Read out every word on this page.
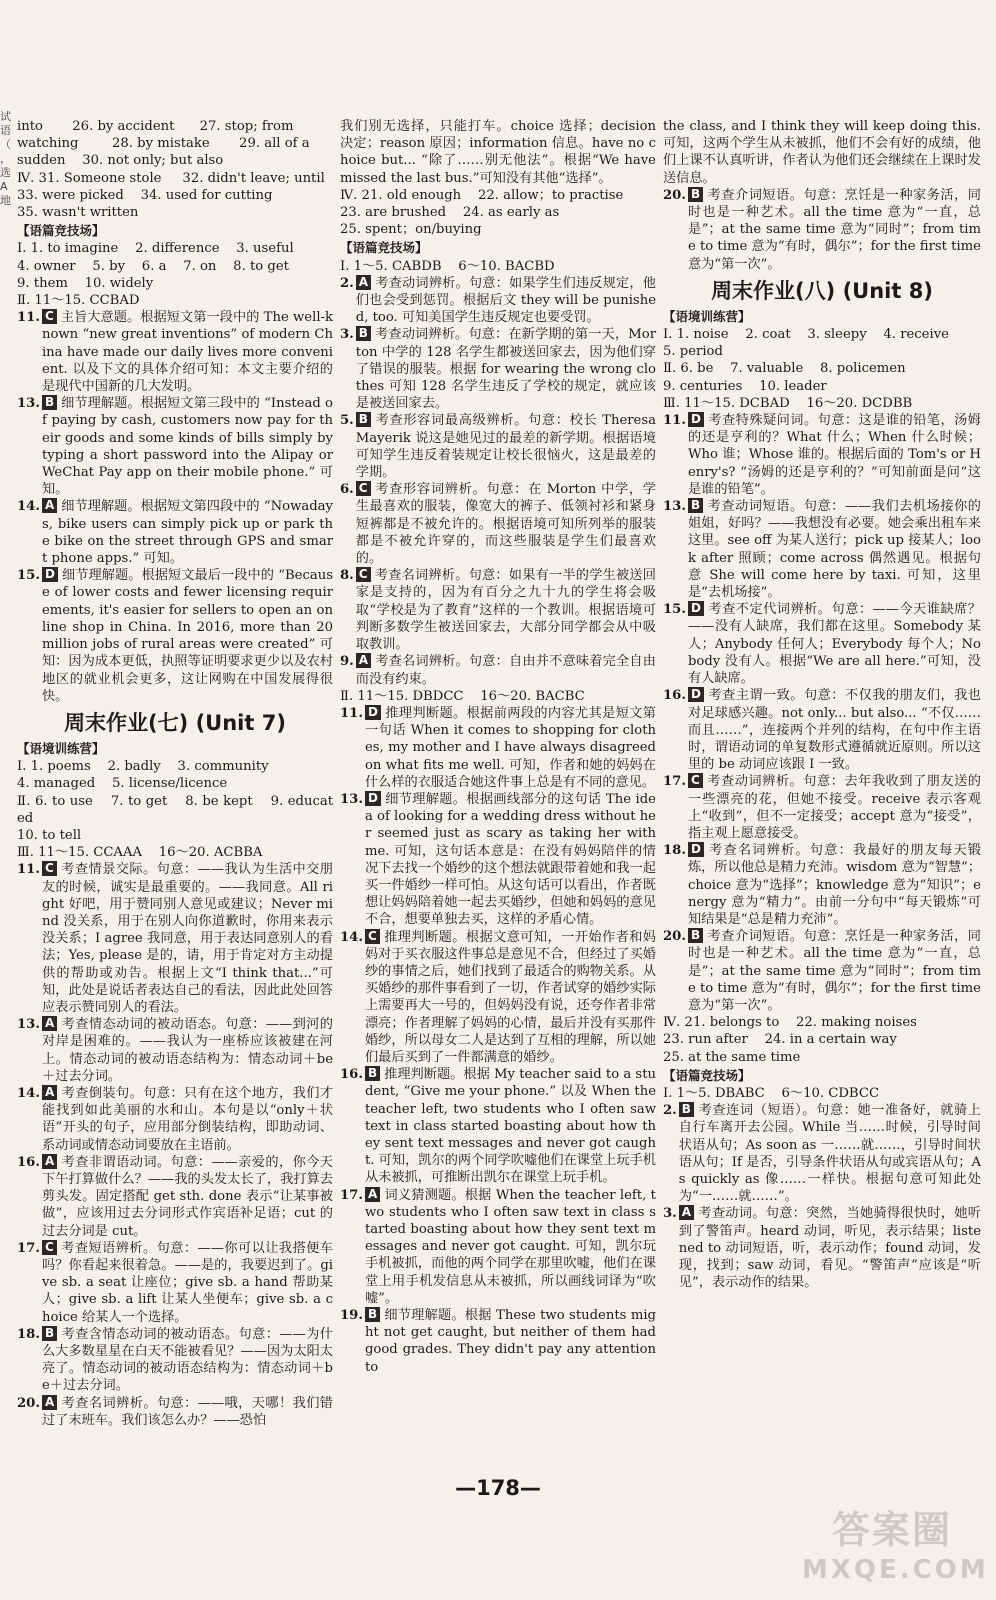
试 语 （ ， 选 A 地

into       26. by accident      27. stop; from
watching        28. by mistake       29. all of a
sudden    30. not only; but also
Ⅳ. 31. Someone stole     32. didn't leave; until
33. were picked    34. used for cutting
35. wasn't written

【语篇竞技场】

Ⅰ. 1. to imagine    2. difference    3. useful
4. owner    5. by    6. a    7. on    8. to get
9. them    10. widely
Ⅱ. 11～15. CCBAD

11. C 主旨大意题。根据短文第一段中的 The well-known “new great inventions” of modern China have made our daily lives more convenient. 以及下文的具体介绍可知：本文主要介绍的是现代中国新的几大发明。
13. B 细节理解题。根据短文第三段中的 “Instead of paying by cash, customers now pay for their goods and some kinds of bills simply by typing a short password into the Alipay or WeChat Pay app on their mobile phone.” 可知。
14. A 细节理解题。根据短文第四段中的 “Nowadays, bike users can simply pick up or park the bike on the street through GPS and smart phone apps.” 可知。
15. D 细节理解题。根据短文最后一段中的 “Because of lower costs and fewer licensing requirements, it's easier for sellers to open an online shop in China. In 2016, more than 20 million jobs of rural areas were created” 可知：因为成本更低，执照等证明要求更少以及农村地区的就业机会更多，这让网购在中国发展得很快。
周末作业(七) (Unit 7)
【语境训练营】

Ⅰ. 1. poems    2. badly    3. community
4. managed    5. license/licence
Ⅱ. 6. to use    7. to get    8. be kept    9. educated
10. to tell
Ⅲ. 11～15. CCAAA    16～20. ACBBA

11. C 考查情景交际。句意：——我认为生活中交朋友的时候，诚实是最重要的。——我同意。All right 好吧，用于赞同别人意见或建议；Never mind 没关系，用于在别人向你道歉时，你用来表示没关系；I agree 我同意，用于表达同意别人的看法；Yes, please 是的，请，用于肯定对方主动提供的帮助或劝告。根据上文“I think that...”可知，此处是说话者表达自己的看法，因此此处回答应表示赞同别人的看法。
13. A 考查情态动词的被动语态。句意：——到河的对岸是困难的。——我认为一座桥应该被建在河上。情态动词的被动语态结构为：情态动词＋be＋过去分词。
14. A 考查倒装句。句意：只有在这个地方，我们才能找到如此美丽的水和山。本句是以“only＋状语”开头的句子，应用部分倒装结构，即助动词、系动词或情态动词要放在主语前。
16. A 考查非谓语动词。句意：——亲爱的，你今天下午打算做什么？——我的头发太长了，我打算去剪头发。固定搭配 get sth. done 表示“让某事被做”，应该用过去分词形式作宾语补足语；cut 的过去分词是 cut。
17. C 考查短语辨析。句意：——你可以让我搭便车吗？你看起来很着急。——是的，我要迟到了。give sb. a seat 让座位；give sb. a hand 帮助某人；give sb. a lift 让某人坐便车；give sb. a choice 给某人一个选择。
18. B 考查含情态动词的被动语态。句意：——为什么大多数星星在白天不能被看见？——因为太阳太亮了。情态动词的被动语态结构为：情态动词＋be＋过去分词。
20. A 考查名词辨析。句意：——哦，天哪！我们错过了末班车。我们该怎么办？——恐怕

我们别无选择，只能打车。choice 选择；decision 决定；reason 原因；information 信息。have no choice but... “除了……别无他法”。根据“We have missed the last bus.”可知没有其他“选择”。

Ⅳ. 21. old enough    22. allow；to practise
23. are brushed    24. as early as
25. spent；on/buying

【语篇竞技场】

Ⅰ. 1～5. CABDB    6～10. BACBD

2. A 考查动词辨析。句意：如果学生们违反规定，他们也会受到惩罚。根据后文 they will be punished, too. 可知美国学生违反规定也要受罚。
3. B 考查动词辨析。句意：在新学期的第一天，Morton 中学的 128 名学生都被送回家去，因为他们穿了错误的服装。根据 for wearing the wrong clothes 可知 128 名学生违反了学校的规定，就应该是被送回家去。
5. B 考查形容词最高级辨析。句意：校长 Theresa Mayerik 说这是她见过的最差的新学期。根据语境可知学生违反着装规定让校长很恼火，这是最差的学期。
6. C 考查形容词辨析。句意：在 Morton 中学，学生最喜欢的服装，像宽大的裤子、低领衬衫和紧身短裤都是不被允许的。根据语境可知所列举的服装都是不被允许穿的，而这些服装是学生们最喜欢的。
8. C 考查名词辨析。句意：如果有一半的学生被送回家是支持的，因为有百分之九十九的学生将会吸取“学校是为了教育”这样的一个教训。根据语境可判断多数学生被送回家去，大部分同学都会从中吸取教训。
9. A 考查名词辨析。句意：自由并不意味着完全自由而没有约束。

Ⅱ. 11～15. DBDCC    16～20. BACBC

11. D 推理判断题。根据前两段的内容尤其是短文第一句话 When it comes to shopping for clothes, my mother and I have always disagreed on what fits me well. 可知，作者和她的妈妈在什么样的衣服适合她这件事上总是有不同的意见。
13. D 细节理解题。根据画线部分的这句话 The idea of looking for a wedding dress without her seemed just as scary as taking her with me. 可知，这句话本意是：在没有妈妈陪伴的情况下去找一个婚纱的这个想法就跟带着她和我一起买一件婚纱一样可怕。从这句话可以看出，作者既想让妈妈陪着她一起去买婚纱，但她和妈妈的意见不合，想要单独去买，这样的矛盾心情。
14. C 推理判断题。根据文意可知，一开始作者和妈妈对于买衣服这件事总是意见不合，但经过了买婚纱的事情之后，她们找到了最适合的购物关系。从买婚纱的那件事看到了一切，作者试穿的婚纱实际上需要再大一号的，但妈妈没有说，还夸作者非常漂亮；作者理解了妈妈的心情，最后并没有买那件婚纱，所以母女二人是达到了互相的理解，所以她们最后买到了一件都满意的婚纱。
16. B 推理判断题。根据 My teacher said to a student, “Give me your phone.” 以及 When the teacher left, two students who I often saw text in class started boasting about how they sent text messages and never got caught. 可知，凯尔的两个同学吹嘘他们在课堂上玩手机从未被抓，可推断出凯尔在课堂上玩手机。
17. A 词义猜测题。根据 When the teacher left, two students who I often saw text in class started boasting about how they sent text messages and never got caught. 可知，凯尔玩手机被抓，而他的两个同学在那里吹嘘，他们在课堂上用手机发信息从未被抓，所以画线词译为“吹嘘”。
19. B 细节理解题。根据 These two students might not get caught, but neither of them had good grades. They didn't pay any attention to

the class, and I think they will keep doing this. 可知，这两个学生从未被抓，他们不会有好的成绩，他们上课不认真听讲，作者认为他们还会继续在上课时发送信息。

20. B 考查介词短语。句意：烹饪是一种家务活，同时也是一种艺术。all the time 意为“一直，总是”；at the same time 意为“同时”；from time to time 意为“有时，偶尔”；for the first time 意为“第一次”。
周末作业(八) (Unit 8)
【语境训练营】

Ⅰ. 1. noise    2. coat    3. sleepy    4. receive
5. period
Ⅱ. 6. be    7. valuable    8. policemen
9. centuries    10. leader
Ⅲ. 11～15. DCBAD    16～20. DCDBB

11. D 考查特殊疑问词。句意：这是谁的铅笔，汤姆的还是亨利的？What 什么；When 什么时候；Who 谁；Whose 谁的。根据后面的 Tom's or Henry's? “汤姆的还是亨利的？”可知前面是问“这是谁的铅笔”。
13. B 考查动词短语。句意：——我们去机场接你的姐姐，好吗？——我想没有必要。她会乘出租车来这里。see off 为某人送行；pick up 接某人；look after 照顾；come across 偶然遇见。根据句意 She will come here by taxi. 可知，这里是“去机场接”。
15. D 考查不定代词辨析。句意：——今天谁缺席？——没有人缺席，我们都在这里。Somebody 某人；Anybody 任何人；Everybody 每个人；Nobody 没有人。根据“We are all here.”可知，没有人缺席。
16. D 考查主谓一致。句意：不仅我的朋友们，我也对足球感兴趣。not only... but also... “不仅……而且……”，连接两个并列的结构，在句中作主语时，谓语动词的单复数形式遵循就近原则。所以这里的 be 动词应该跟 I 一致。
17. C 考查动词辨析。句意：去年我收到了朋友送的一些漂亮的花，但她不接受。receive 表示客观上“收到”，但不一定接受；accept 意为“接受”，指主观上愿意接受。
18. D 考查名词辨析。句意：我最好的朋友每天锻炼，所以他总是精力充沛。wisdom 意为“智慧”；choice 意为“选择”；knowledge 意为“知识”；energy 意为“精力”。由前一分句中“每天锻炼”可知结果是“总是精力充沛”。
20. B 考查介词短语。句意：烹饪是一种家务活，同时也是一种艺术。all the time 意为“一直，总是”；at the same time 意为“同时”；from time to time 意为“有时，偶尔”；for the first time 意为“第一次”。

Ⅳ. 21. belongs to    22. making noises
23. run after    24. in a certain way
25. at the same time

【语篇竞技场】

Ⅰ. 1～5. DBABC    6～10. CDBCC

2. B 考查连词（短语）。句意：她一准备好，就骑上自行车离开去公园。While 当……时候，引导时间状语从句；As soon as 一……就……，引导时间状语从句；If 是否，引导条件状语从句或宾语从句；As quickly as 像……一样快。根据句意可知此处为“一……就……”。
3. A 考查动词。句意：突然，当她骑得很快时，她听到了警笛声。heard 动词，听见，表示结果；listened to 动词短语，听，表示动作；found 动词，发现，找到；saw 动词，看见。“警笛声”应该是“听见”，表示动作的结果。
—178—
答案圈
MXQE.COM
